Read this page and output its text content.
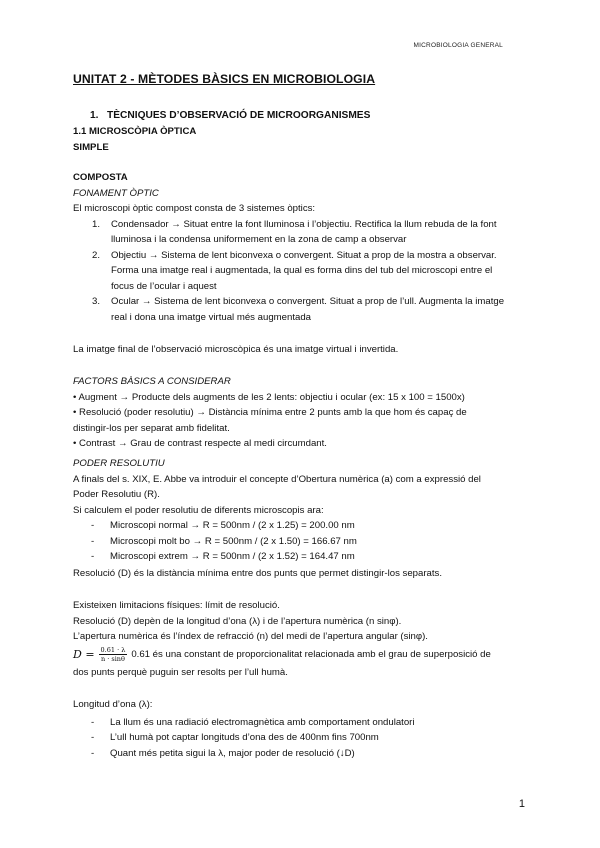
MICROBIOLOGIA GENERAL
UNITAT 2 - MÈTODES BÀSICS EN MICROBIOLOGIA
1. TÈCNIQUES D’OBSERVACIÓ DE MICROORGANISMES
1.1 MICROSCÒPIA ÒPTICA
SIMPLE
COMPOSTA
FONAMENT ÒPTIC
El microscopi òptic compost consta de 3 sistemes òptics:
1. Condensador → Situat entre la font lluminosa i l’objectiu. Rectifica la llum rebuda de la font
lluminosa i la condensa uniformement en la zona de camp a observar
2. Objectiu → Sistema de lent biconvexa o convergent. Situat a prop de la mostra a observar.
Forma una imatge real i augmentada, la qual es forma dins del tub del microscopi entre el
focus de l’ocular i aquest
3. Ocular → Sistema de lent biconvexa o convergent. Situat a prop de l’ull. Augmenta la imatge
real i dona una imatge virtual més augmentada
La imatge final de l’observació microscòpica és una imatge virtual i invertida.
FACTORS BÀSICS A CONSIDERAR
• Augment → Producte dels augments de les 2 lents: objectiu i ocular (ex: 15 x 100 = 1500x)
• Resolució (poder resolutiu) → Distància mínima entre 2 punts amb la que hom és capaç de
distingir-los per separat amb fidelitat.
• Contrast → Grau de contrast respecte al medi circumdant.
PODER RESOLUTIU
A finals del s. XIX, E. Abbe va introduir el concepte d’Obertura numèrica (a) com a expressió del
Poder Resolutiu (R).
Si calculem el poder resolutiu de diferents microscopis ara:
- Microscopi normal → R = 500nm / (2 x 1.25) = 200.00 nm
- Microscopi molt bo → R = 500nm / (2 x 1.50) = 166.67 nm
- Microscopi extrem → R = 500nm / (2 x 1.52) = 164.47 nm
Resolució (D) és la distància mínima entre dos punts que permet distingir-los separats.
Existeixen limitacions físiques: límit de resolució.
Resolució (D) depèn de la longitud d’ona (λ) i de l’apertura numèrica (n sinφ).
L’apertura numèrica és l’índex de refracció (n) del medi de l’apertura angular (sinφ).
$D = \frac{0.61 \cdot \lambda}{n \cdot \sin\theta} 0.61$ és una constant de proporcionalitat relacionada amb el grau de superposició de
dos punts perquè puguin ser resolts per l’ull humà.
Longitud d’ona (λ):
- La llum és una radiació electromagnètica amb comportament ondulatori
- L’ull humà pot captar longituds d’ona des de 400nm fins 700nm
- Quant més petita sigui la λ, major poder de resolució (↓D)
1
